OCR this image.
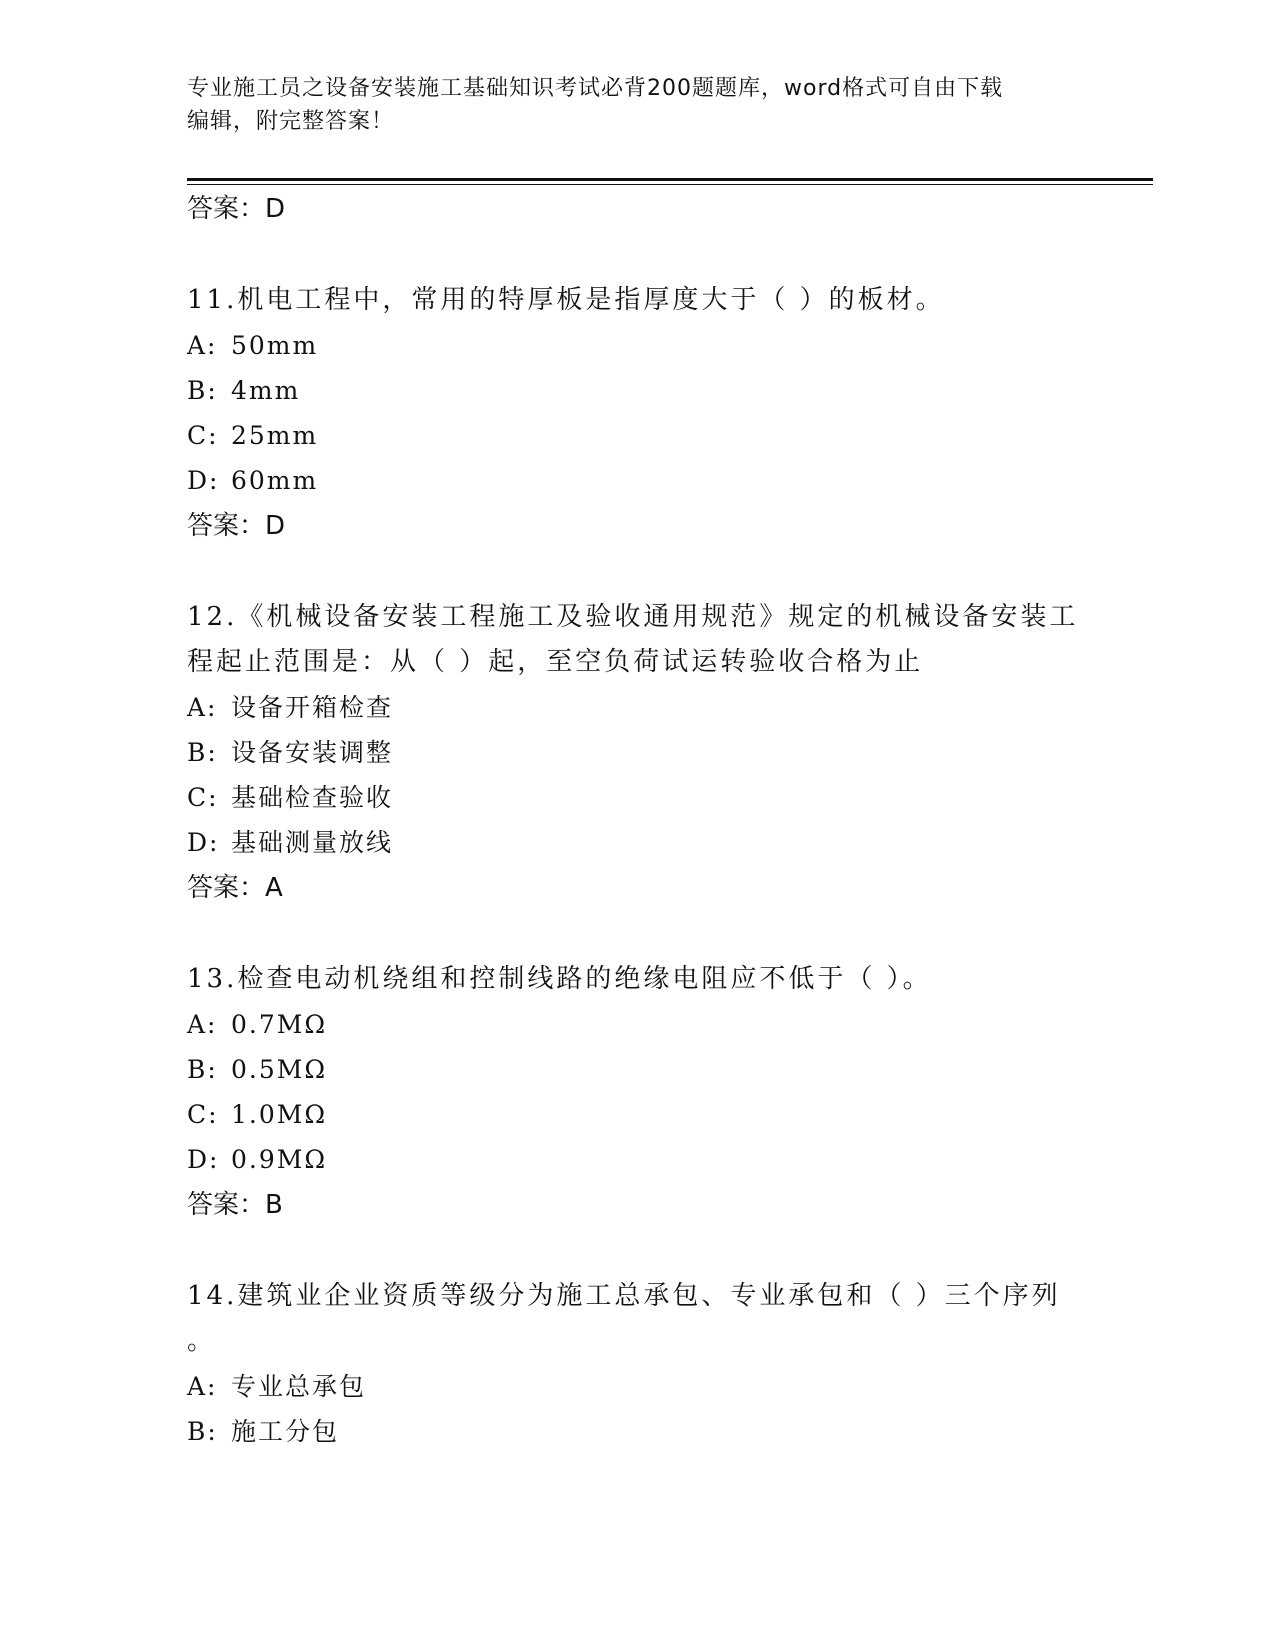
专业施工员之设备安装施工基础知识考试必背200题题库，word格式可自由下载
编辑，附完整答案！
答案：D
11.机电工程中，常用的特厚板是指厚度大于（ ）的板材。
A: 50mm
B: 4mm
C: 25mm
D: 60mm
答案：D
12.《机械设备安装工程施工及验收通用规范》规定的机械设备安装工
程起止范围是：从（ ）起，至空负荷试运转验收合格为止
A: 设备开箱检查
B: 设备安装调整
C: 基础检查验收
D: 基础测量放线
答案：A
13.检查电动机绕组和控制线路的绝缘电阻应不低于（ ）。
A: 0.7MΩ
B: 0.5MΩ
C: 1.0MΩ
D: 0.9MΩ
答案：B
14.建筑业企业资质等级分为施工总承包、专业承包和（ ）三个序列
。
A: 专业总承包
B: 施工分包
